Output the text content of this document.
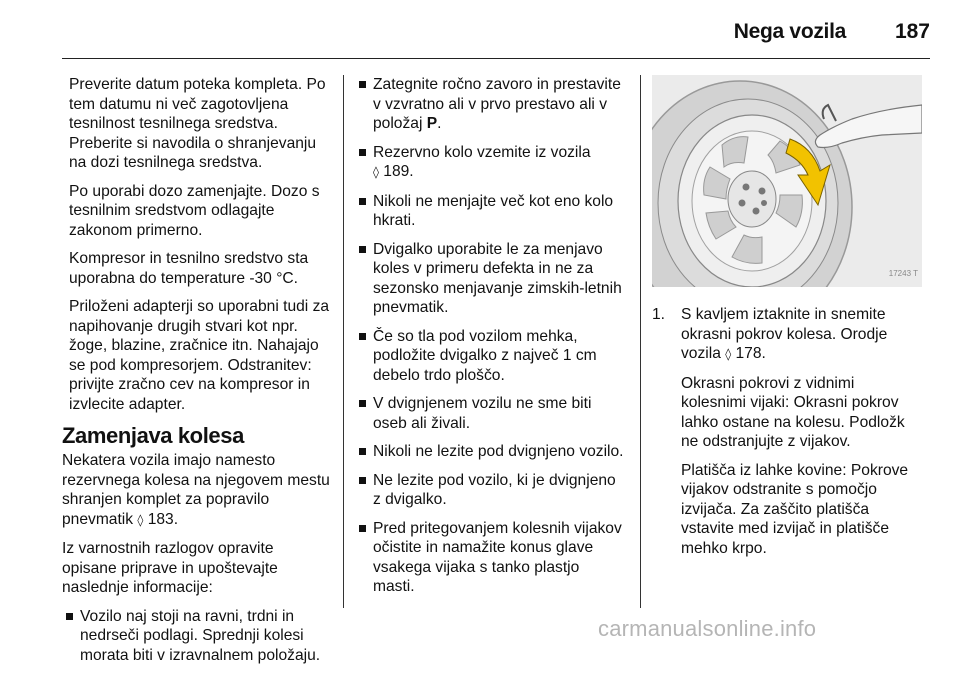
Nega vozila	187

Preverite datum poteka kompleta. Po tem datumu ni več zagotovljena tesnilnost tesnilnega sredstva. Preberite si navodila o shranjevanju na dozi tesnilnega sredstva.

Po uporabi dozo zamenjajte. Dozo s tesnilnim sredstvom odlagajte zakonom primerno.

Kompresor in tesnilno sredstvo sta uporabna do temperature -30 °C.

Priloženi adapterji so uporabni tudi za napihovanje drugih stvari kot npr. žoge, blazine, zračnice itn. Nahajajo se pod kompresorjem. Odstranitev: privijte zračno cev na kompresor in izvlecite adapter.

Zamenjava kolesa

Nekatera vozila imajo namesto rezervnega kolesa na njegovem mestu shranjen komplet za popravilo pnevmatik ◊ 183.

Iz varnostnih razlogov opravite opisane priprave in upoštevajte naslednje informacije:

Vozilo naj stoji na ravni, trdni in nedrseči podlagi. Sprednji kolesi morata biti v izravnalnem položaju.
Zategnite ročno zavoro in prestavite v vzvratno ali v prvo prestavo ali v položaj P.
Rezervno kolo vzemite iz vozila
◊ 189.
Nikoli ne menjajte več kot eno kolo hkrati.
Dvigalko uporabite le za menjavo koles v primeru defekta in ne za sezonsko menjavanje zimskih-letnih pnevmatik.
Če so tla pod vozilom mehka, podložite dvigalko z največ 1 cm debelo trdo ploščo.
V dvignjenem vozilu ne sme biti oseb ali živali.
Nikoli ne lezite pod dvignjeno vozilo.
Ne lezite pod vozilo, ki je dvignjeno z dvigalko.
Pred pritegovanjem kolesnih vijakov očistite in namažite konus glave vsakega vijaka s tanko plastjo masti.
17243 T
1. S kavljem iztaknite in snemite okrasni pokrov kolesa. Orodje vozila ◊ 178.

Okrasni pokrovi z vidnimi kolesnimi vijaki: Okrasni pokrov lahko ostane na kolesu. Podložk ne odstranjujte z vijakov.

Platišča iz lahke kovine: Pokrove vijakov odstranite s pomočjo izvijača. Za zaščito platišča vstavite med izvijač in platišče mehko krpo.

carmanualsonline.info
